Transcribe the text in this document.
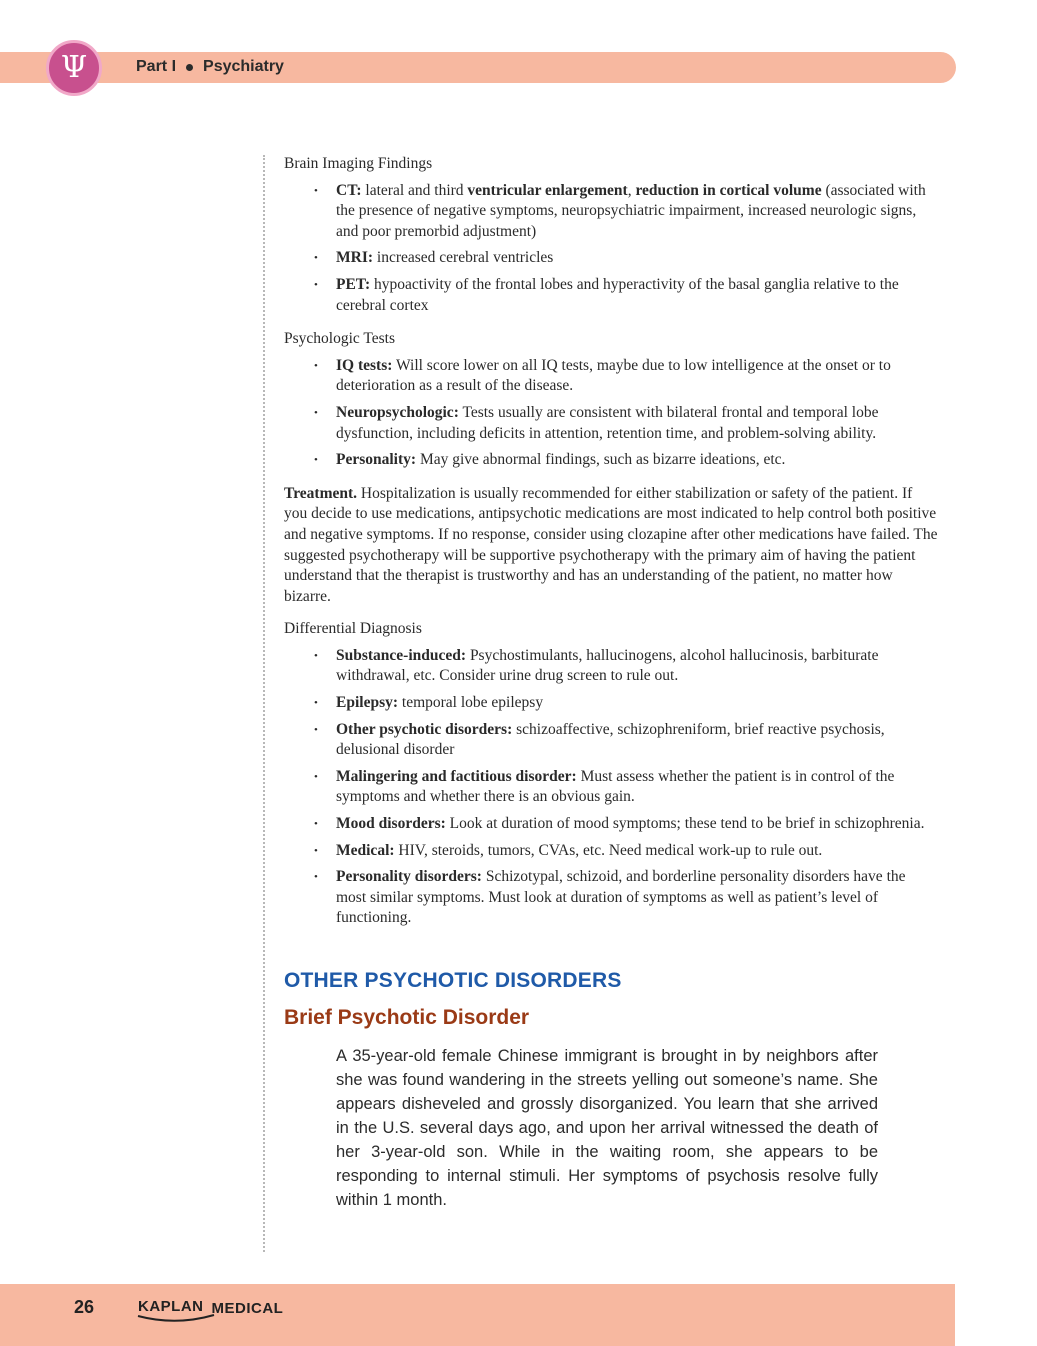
Ψ	Part I Psychiatry
Brain Imaging Findings
• CT: lateral and third ventricular enlargement, reduction in cortical volume (associated with the presence of negative symptoms, neuropsychiatric impairment, increased neurologic signs, and poor premorbid adjustment)
• MRI: increased cerebral ventricles
• PET: hypoactivity of the frontal lobes and hyperactivity of the basal ganglia relative to the cerebral cortex
Psychologic Tests
• IQ tests: Will score lower on all IQ tests, maybe due to low intelligence at the onset or to deterioration as a result of the disease.
• Neuropsychologic: Tests usually are consistent with bilateral frontal and temporal lobe dysfunction, including deficits in attention, retention time, and problem-solving ability.
• Personality: May give abnormal findings, such as bizarre ideations, etc.

Treatment. Hospitalization is usually recommended for either stabilization or safety of the patient. If you decide to use medications, antipsychotic medications are most indicated to help control both positive and negative symptoms. If no response, consider using clozapine after other medications have failed. The suggested psychotherapy will be supportive psychotherapy with the primary aim of having the patient understand that the therapist is trustworthy and has an understanding of the patient, no matter how bizarre.

Differential Diagnosis
• Substance-induced: Psychostimulants, hallucinogens, alcohol hallucinosis, barbiturate withdrawal, etc. Consider urine drug screen to rule out.
• Epilepsy: temporal lobe epilepsy
• Other psychotic disorders: schizoaffective, schizophreniform, brief reactive psychosis, delusional disorder
• Malingering and factitious disorder: Must assess whether the patient is in control of the symptoms and whether there is an obvious gain.
• Mood disorders: Look at duration of mood symptoms; these tend to be brief in schizophrenia.
• Medical: HIV, steroids, tumors, CVAs, etc. Need medical work-up to rule out.
• Personality disorders: Schizotypal, schizoid, and borderline personality disorders have the most similar symptoms. Must look at duration of symptoms as well as patient’s level of functioning.
OTHER PSYCHOTIC DISORDERS
Brief Psychotic Disorder
A 35-year-old female Chinese immigrant is brought in by neighbors after she was found wandering in the streets yelling out someone’s name. She appears disheveled and grossly disorganized. You learn that she arrived in the U.S. several days ago, and upon her arrival witnessed the death of her 3-year-old son. While in the waiting room, she appears to be responding to internal stimuli. Her symptoms of psychosis resolve fully within 1 month.
26	KAPLAN MEDICAL
